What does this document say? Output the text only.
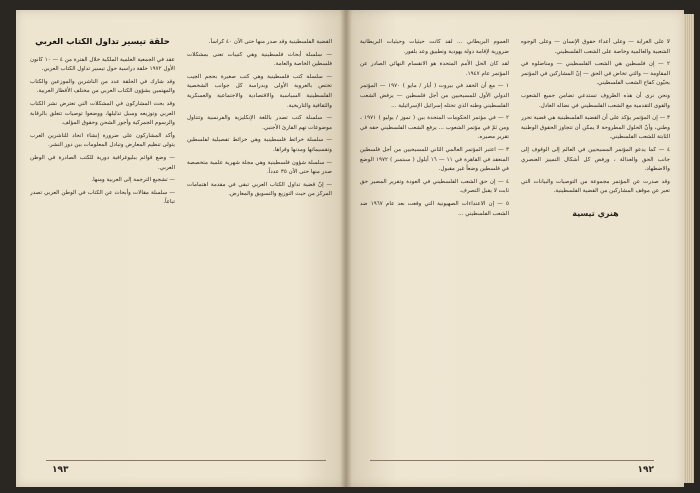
حلقة تيسير تداول الكتاب العربي

عقد في الجمعية العلمية الملكية خلال الفترة من ٤ — ١٠ كانون الأول ١٩٧٢ حلقة دراسية حول تيسير تداول الكتاب العربي.

وقد شارك في الحلقة عدد من الناشرين والموزعين والكتاب والمهتمين بشؤون الكتاب العربي من مختلف الأقطار العربية.

وقد بحث المشاركون في المشكلات التي تعترض نشر الكتاب العربي وتوزيعه وسبل تذليلها، ووضعوا توصيات تتعلق بالرقابة والرسوم الجمركية وأجور الشحن وحقوق المؤلف.

وأكد المشاركون على ضرورة إنشاء اتحاد للناشرين العرب يتولى تنظيم المعارض وتبادل المعلومات بين دور النشر.

— وضع قوائم ببليوغرافية دورية للكتب الصادرة في الوطن العربي.

— تشجيع الترجمة إلى العربية ومنها.

— سلسلة مقالات وأبحاث عن الكتاب في الوطن العربي تصدر تباعاً.

القضية الفلسطينية وقد صدر منها حتى الآن ٤٠ كراساً.

— سلسلة أبحاث فلسطينية وهي كتيبات تعنى بمشكلات فلسطين الخاصة والعامة.

— سلسلة كتب فلسطينية وهي كتب صغيرة بحجم الجيب تختص بالعروبة الأولى وبدراسة كل جوانب الشخصية الفلسطينية السياسية والاقتصادية والاجتماعية والعسكرية والثقافية والتاريخية.

— سلسلة كتب تصدر باللغة الإنكليزية والفرنسية وتتناول موضوعات تهم القارئ الأجنبي.

— سلسلة خرائط فلسطينية وهي خرائط تفصيلية لفلسطين وتقسيماتها ومدنها وقراها.

— سلسلة شؤون فلسطينية وهي مجلة شهرية علمية متخصصة صدر منها حتى الآن ٣٥ عدداً.

— إنّ قضية تداول الكتاب العربي تبقى في مقدمة اهتمامات المركز من حيث التوزيع والتسويق والمعارض.

١٩٣

العموم البريطاني ... لقد كانت حيثيات وحيثيات البريطانية ضرورية لإقامة دولة يهودية وتطبيق وعد بلفور.

لقد كان الحل الأمم المتحدة هو الانقسام النهائي الصادر عن المؤتمر عام ١٩٤٧.

١ — مع أن الحقد في بيروت ( أيار / مايو ) ١٩٧٠ — المؤتمر الدولي الأول للمسيحيين من أجل فلسطين — يرفض الشعب الفلسطيني وطنه الذي تحتله إسرائيل الإسرائيلية ...

٢ — في مؤتمر الحكومات المتحدة بين ( تموز / يوليو ) ١٩٧١ ، ومن ثمّ في مؤتمر الشعوب ... يرفع الشعب الفلسطيني حقه في تقرير مصيره.

٣ — اعتبر المؤتمر العالمي الثاني للمسيحيين من أجل فلسطين المنعقد في القاهرة في ١١ — ١٦ أيلول ( سبتمبر ) ١٩٧٢ الوضع في فلسطين وضعاً غير مقبول.

٤ — إن حق الشعب الفلسطيني في العودة وتقرير المصير حق ثابت لا يقبل التصرف.

٥ — إن الاعتداءات الصهيونية التي وقعت بعد عام ١٩٦٧ ضد الشعب الفلسطيني ...

لا على الغرابة — وعلى أعداء حقوق الإنسان — وعلى الوجوه الشعبية والعالمية وخاصة على الشعب الفلسطيني.

٢ — إن فلسطين هي الشعب الفلسطيني — ومناضلوه في المقاومة — والتي تخاض في الحق — إنّ المشاركين في المؤتمر يحيّون كفاح الشعب الفلسطيني.

ونحن نرى أن هذه الظروف تستدعي تضامن جميع الشعوب والقوى التقدمية مع الشعب الفلسطيني في نضاله العادل.

٣ — إن المؤتمر يؤكد على أن القضية الفلسطينية هي قضية تحرر وطني، وأنّ الحلول المطروحة لا يمكن أن تتجاوز الحقوق الوطنية الثابتة للشعب الفلسطيني.

٤ — كما يدعو المؤتمر المسيحيين في العالم إلى الوقوف إلى جانب الحق والعدالة ، ورفض كل أشكال التمييز العنصري والاضطهاد.

وقد صدرت عن المؤتمر مجموعة من التوصيات والبيانات التي تعبر عن موقف المشاركين من القضية الفلسطينية.

هنري تيسية
١٩٢
